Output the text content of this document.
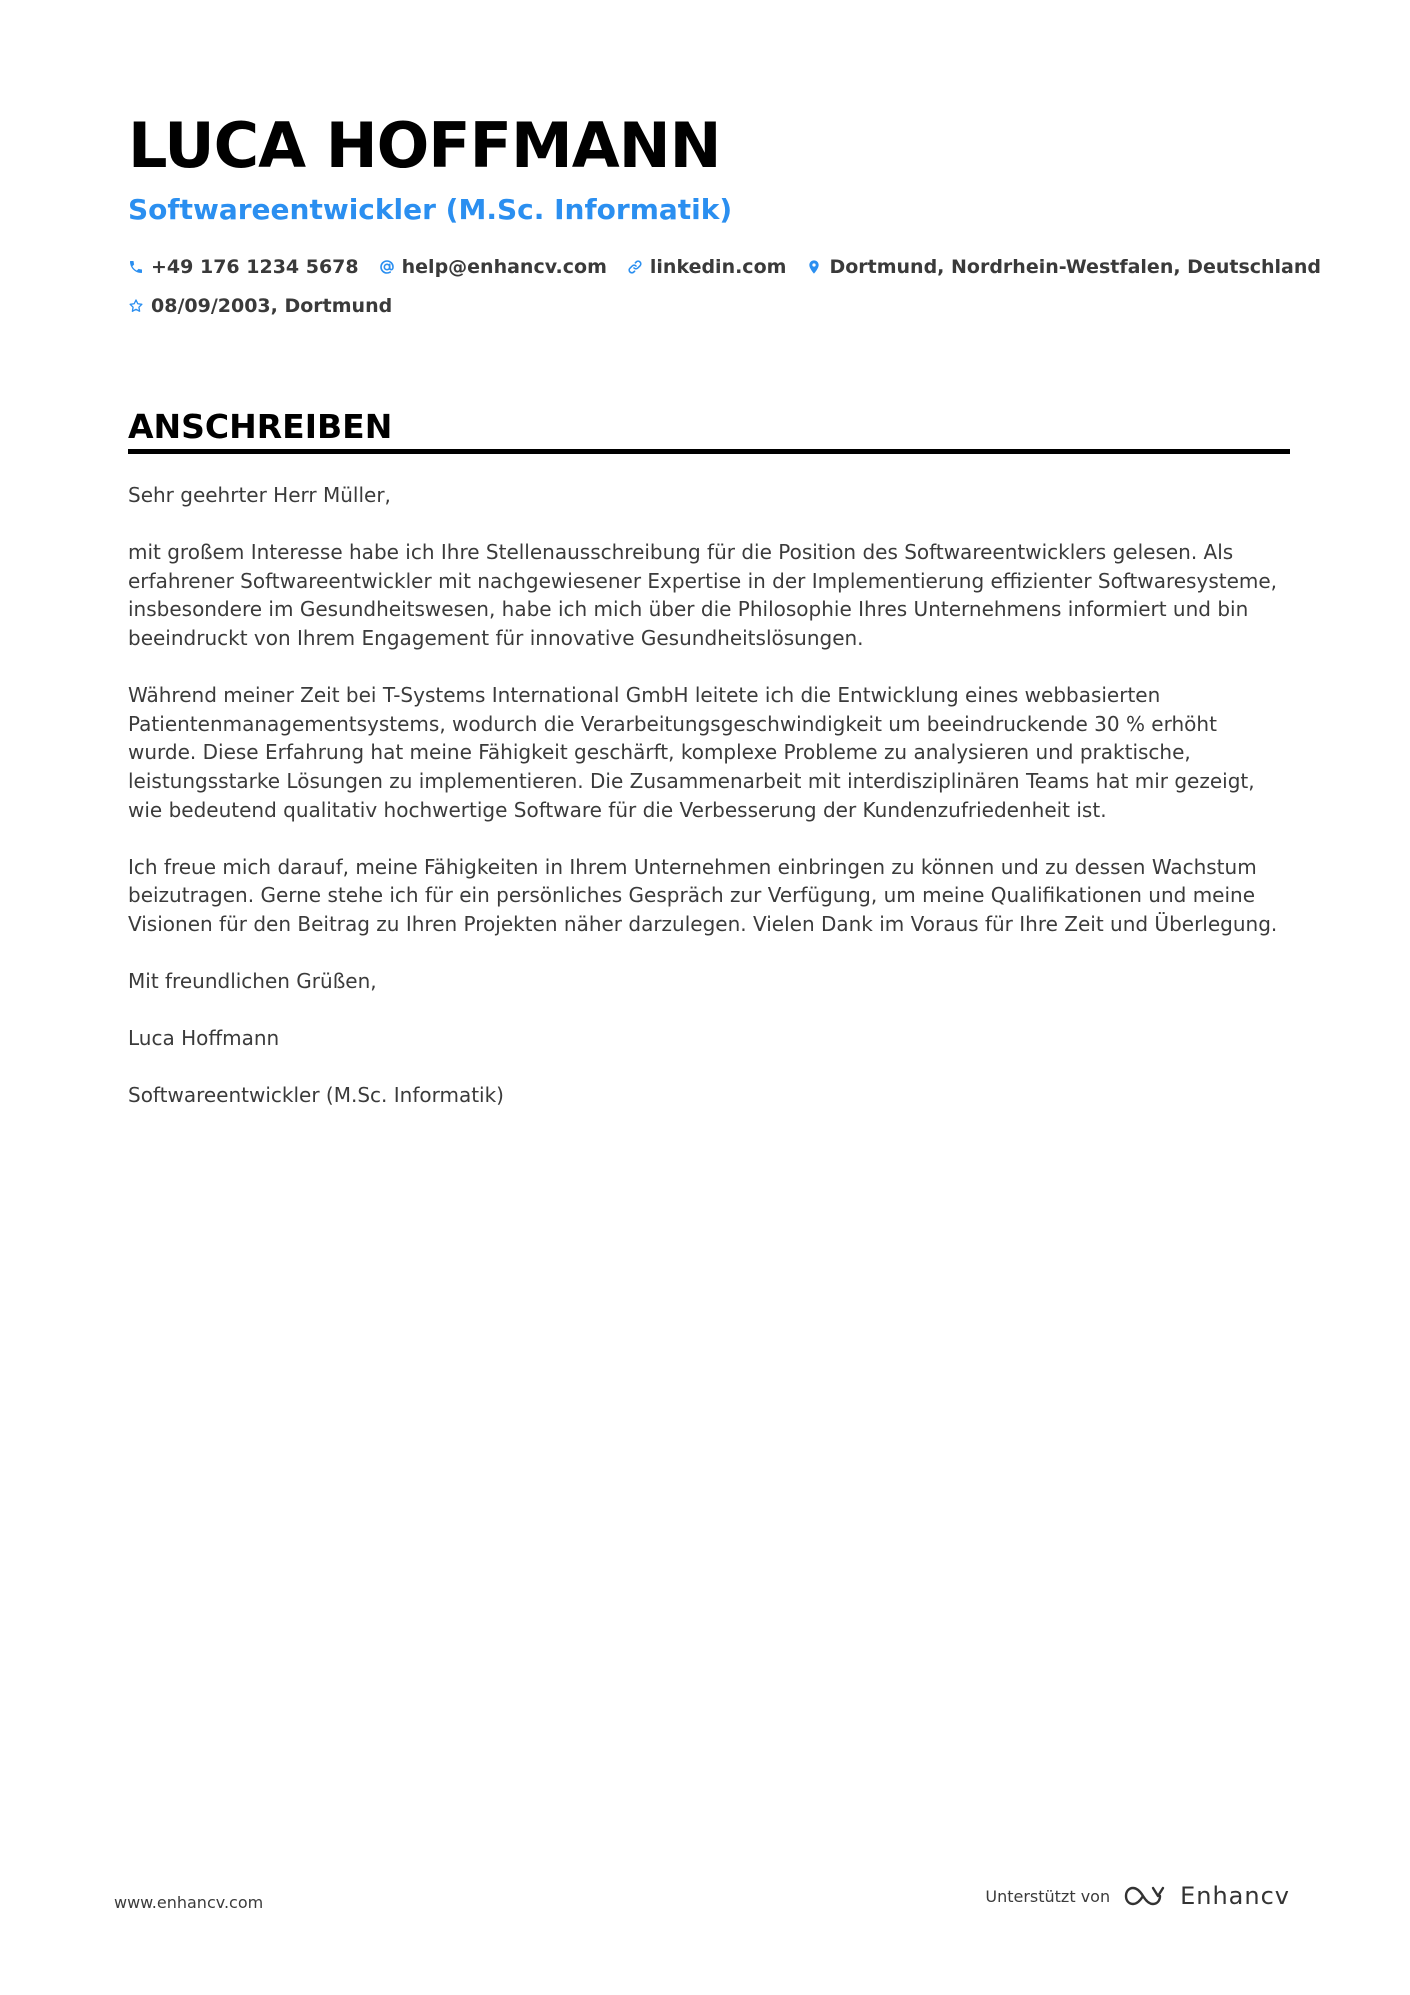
LUCA HOFFMANN
Softwareentwickler (M.Sc. Informatik)
+49 176 1234 5678 help@enhancv.com linkedin.com Dortmund, Nordrhein-Westfalen, Deutschland
08/09/2003, Dortmund
ANSCHREIBEN

Sehr geehrter Herr Müller,

mit großem Interesse habe ich Ihre Stellenausschreibung für die Position des Softwareentwicklers gelesen. Als erfahrener Softwareentwickler mit nachgewiesener Expertise in der Implementierung effizienter Softwaresysteme, insbesondere im Gesundheitswesen, habe ich mich über die Philosophie Ihres Unternehmens informiert und bin beeindruckt von Ihrem Engagement für innovative Gesundheitslösungen.

Während meiner Zeit bei T-Systems International GmbH leitete ich die Entwicklung eines webbasierten Patientenmanagementsystems, wodurch die Verarbeitungsgeschwindigkeit um beeindruckende 30 % erhöht wurde. Diese Erfahrung hat meine Fähigkeit geschärft, komplexe Probleme zu analysieren und praktische, leistungsstarke Lösungen zu implementieren. Die Zusammenarbeit mit interdisziplinären Teams hat mir gezeigt, wie bedeutend qualitativ hochwertige Software für die Verbesserung der Kundenzufriedenheit ist.

Ich freue mich darauf, meine Fähigkeiten in Ihrem Unternehmen einbringen zu können und zu dessen Wachstum beizutragen. Gerne stehe ich für ein persönliches Gespräch zur Verfügung, um meine Qualifikationen und meine Visionen für den Beitrag zu Ihren Projekten näher darzulegen. Vielen Dank im Voraus für Ihre Zeit und Überlegung.

Mit freundlichen Grüßen,

Luca Hoffmann

Softwareentwickler (M.Sc. Informatik)

www.enhancv.com	Unterstützt von	Enhancv
